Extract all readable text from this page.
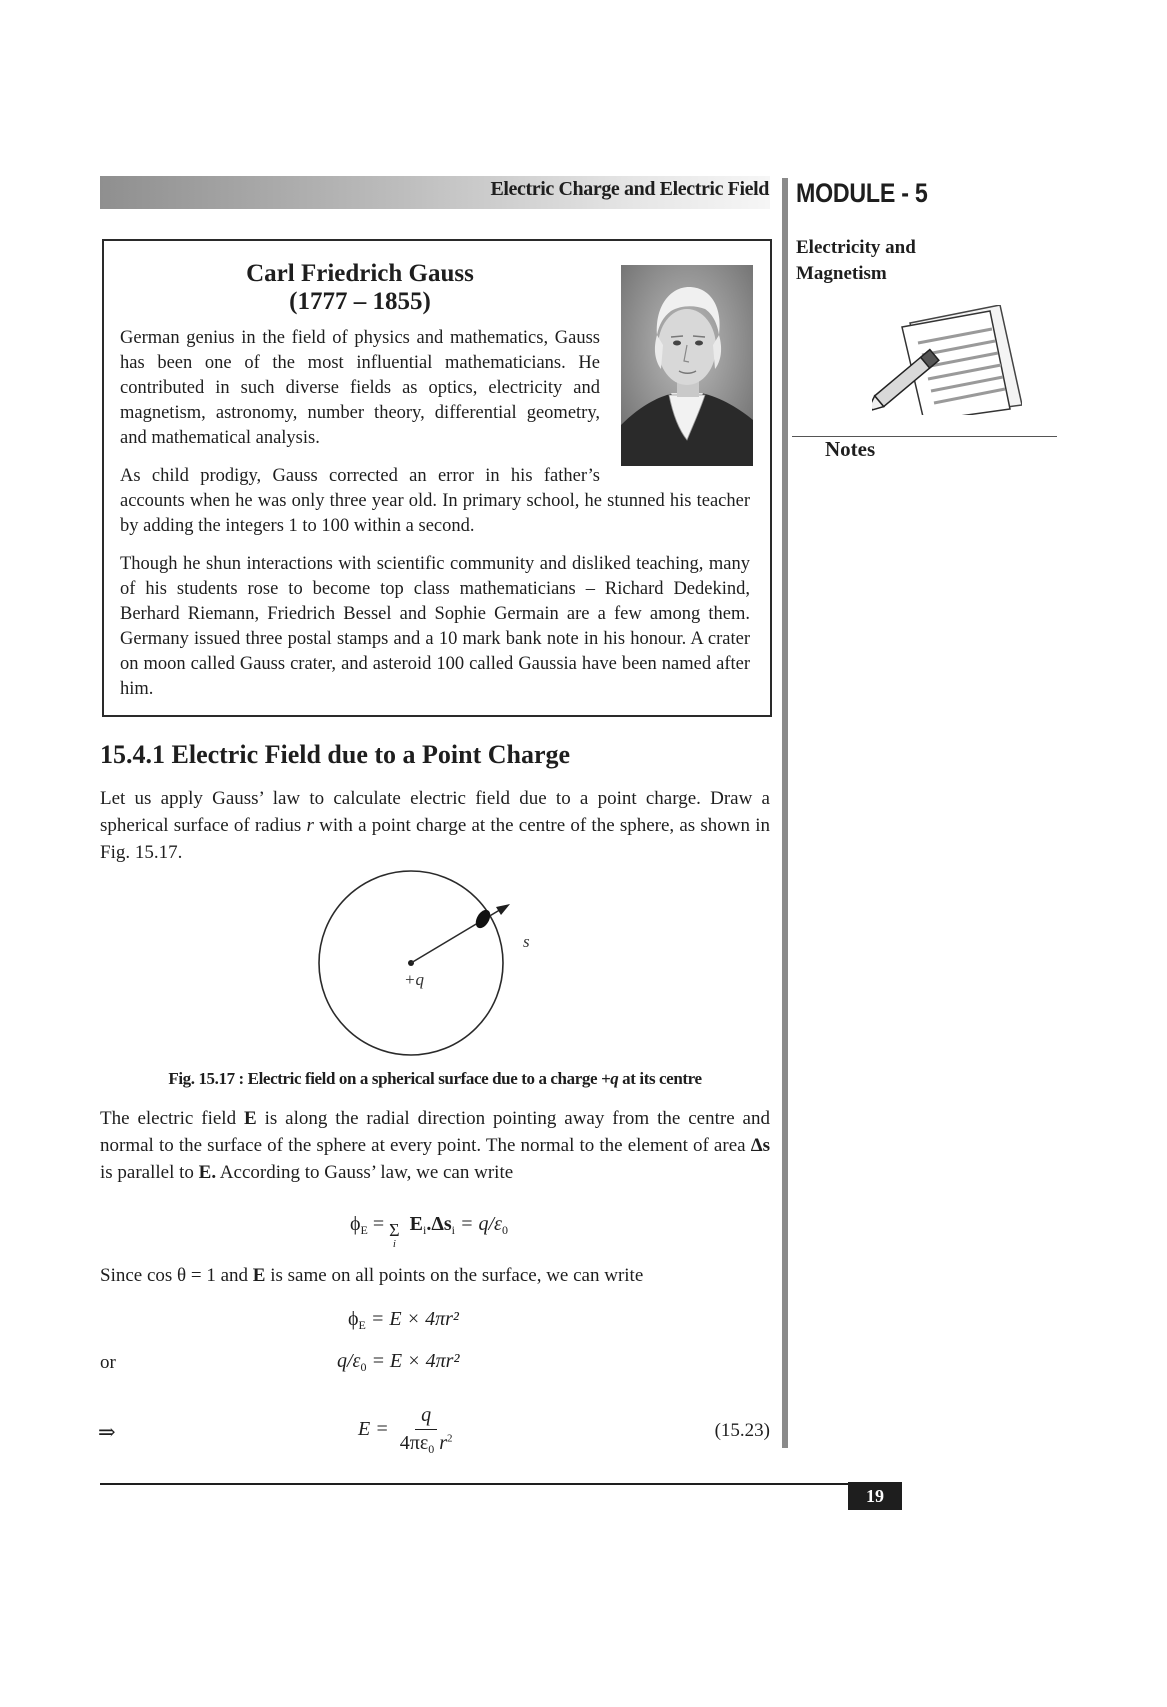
Electric Charge and Electric Field MODULE - 5
Electricity and
Magnetism
Notes
Carl Friedrich Gauss
(1777 – 1855)

German genius in the field of physics and mathematics, Gauss has been one of the most influential mathematicians. He contributed in such diverse fields as optics, electricity and magnetism, astronomy, number theory, differential geometry, and mathematical analysis.

As child prodigy, Gauss corrected an error in his father’s

accounts when he was only three year old. In primary school, he stunned his teacher by adding the integers 1 to 100 within a second.

Though he shun interactions with scientific community and disliked teaching, many of his students rose to become top class mathematicians – Richard Dedekind, Berhard Riemann, Friedrich Bessel and Sophie Germain are a few among them. Germany issued three postal stamps and a 10 mark bank note in his honour. A crater on moon called Gauss crater, and asteroid 100 called Gaussia have been named after him.

15.4.1 Electric Field due to a Point Charge

Let us apply Gauss’ law to calculate electric field due to a point charge. Draw a spherical surface of radius r with a point charge at the centre of the sphere, as shown in Fig. 15.17.

s
+q
Fig. 15.17 : Electric field on a spherical surface due to a charge +q at its centre

The electric field E is along the radial direction pointing away from the centre and normal to the surface of the sphere at every point. The normal to the element of area Δs is parallel to E. According to Gauss’ law, we can write

$\phi_E = \Sigma$
i
$E_i.\Delta s_i = q/\varepsilon_0$

Since cos θ = 1 and E is same on all points on the surface, we can write

$\phi_E = E \times 4\pi r^2$
or	$q/\varepsilon_0 = E \times 4\pi r^2$
⇒	$E = \frac{q}{4\pi\varepsilon_0 r^2}$	(15.23)
19
